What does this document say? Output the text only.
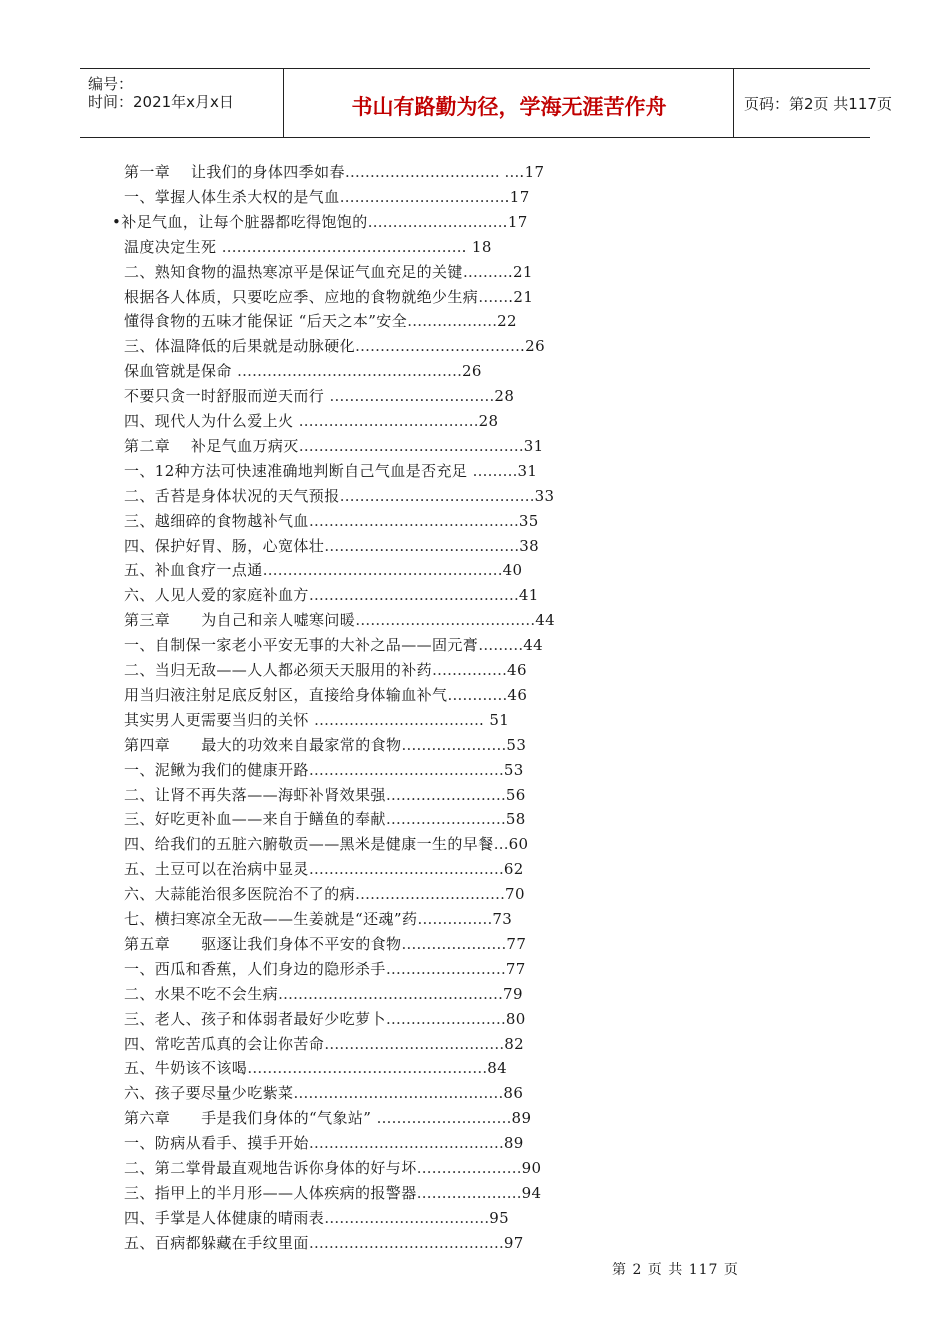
编号：
时间：2021年x月x日	书山有路勤为径，学海无涯苦作舟	页码：第2页 共117页
第一章    让我们的身体四季如春…………………………. ….17
一、掌握人体生杀大权的是气血…………………………….17
•补足气血，让每个脏器都吃得饱饱的……………………….17
温度决定生死 …………………………………………. 18
二、熟知食物的温热寒凉平是保证气血充足的关键……….21
根据各人体质，只要吃应季、应地的食物就绝少生病…….21
懂得食物的五味才能保证 “后天之本”安全………………22
三、体温降低的后果就是动脉硬化…………………………….26
保血管就是保命 ………………………………………26
不要只贪一时舒服而逆天而行 ……………………………28
四、现代人为什么爱上火 ………………………………28
第二章    补足气血万病灭………………………………………31
一、12种方法可快速准确地判断自己气血是否充足 ………31
二、舌苔是身体状况的天气预报…………………………………33
三、越细碎的食物越补气血……………………………………35
四、保护好胃、肠，心宽体壮…………………………………38
五、补血食疗一点通…………………………………………40
六、人见人爱的家庭补血方……………………………………41
第三章      为自己和亲人嘘寒问暖………………………………44
一、自制保一家老小平安无事的大补之品——固元膏………44
二、当归无敌——人人都必须天天服用的补药……………46
用当归液注射足底反射区，直接给身体输血补气…………46
其实男人更需要当归的关怀 ……………………………. 51
第四章      最大的功效来自最家常的食物…………………53
一、泥鳅为我们的健康开路…………………………………53
二、让肾不再失落——海虾补肾效果强……………………56
三、好吃更补血——来自于鳝鱼的奉献……………………58
四、给我们的五脏六腑敬贡——黑米是健康一生的早餐…60
五、土豆可以在治病中显灵…………………………………62
六、大蒜能治很多医院治不了的病…………………………70
七、横扫寒凉全无敌——生姜就是“还魂”药……………73
第五章      驱逐让我们身体不平安的食物…………………77
一、西瓜和香蕉，人们身边的隐形杀手……………………77
二、水果不吃不会生病………………………………………79
三、老人、孩子和体弱者最好少吃萝卜……………………80
四、常吃苦瓜真的会让你苦命………………………………82
五、牛奶该不该喝…………………………………………84
六、孩子要尽量少吃紫菜……………………………………86
第六章      手是我们身体的“气象站” ………………………89
一、防病从看手、摸手开始…………………………………89
二、第二掌骨最直观地告诉你身体的好与坏…………………90
三、指甲上的半月形——人体疾病的报警器…………………94
四、手掌是人体健康的晴雨表……………………………95
五、百病都躲藏在手纹里面…………………………………97
第 2 页 共 117 页
